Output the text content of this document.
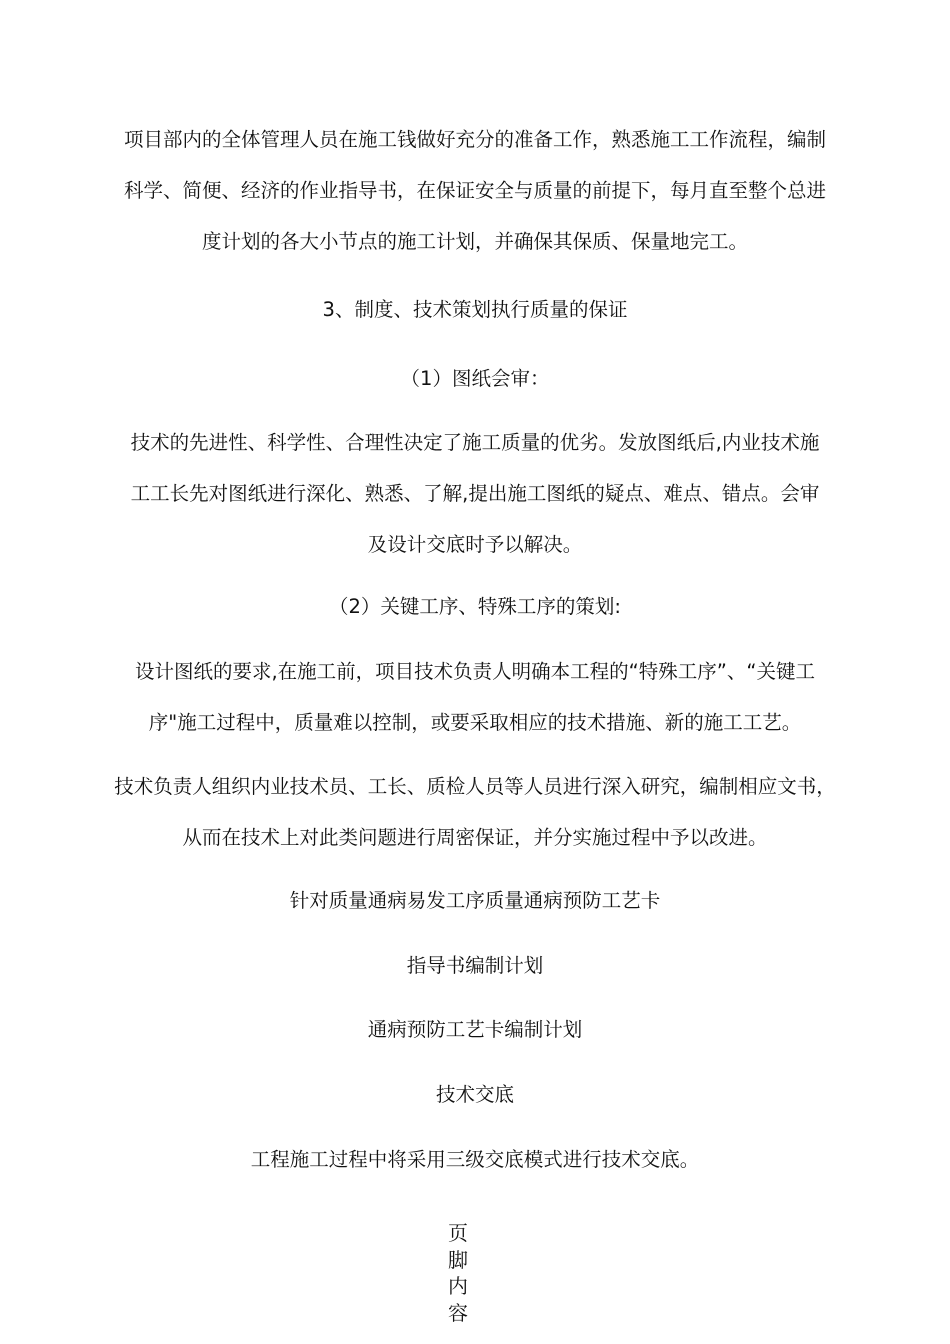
项目部内的全体管理人员在施工钱做好充分的准备工作，熟悉施工工作流程，编制
科学、简便、经济的作业指导书，在保证安全与质量的前提下，每月直至整个总进
度计划的各大小节点的施工计划，并确保其保质、保量地完工。
3、制度、技术策划执行质量的保证
（1）图纸会审：
技术的先进性、科学性、合理性决定了施工质量的优劣。发放图纸后,内业技术施
工工长先对图纸进行深化、熟悉、了解,提出施工图纸的疑点、难点、错点。会审
及设计交底时予以解决。
（2）关键工序、特殊工序的策划:
设计图纸的要求,在施工前，项目技术负责人明确本工程的“特殊工序”、“关键工
序"施工过程中，质量难以控制，或要采取相应的技术措施、新的施工工艺。
技术负责人组织内业技术员、工长、质检人员等人员进行深入研究，编制相应文书，
从而在技术上对此类问题进行周密保证，并分实施过程中予以改进。
针对质量通病易发工序质量通病预防工艺卡
指导书编制计划
通病预防工艺卡编制计划
技术交底
工程施工过程中将采用三级交底模式进行技术交底。
页脚内容
